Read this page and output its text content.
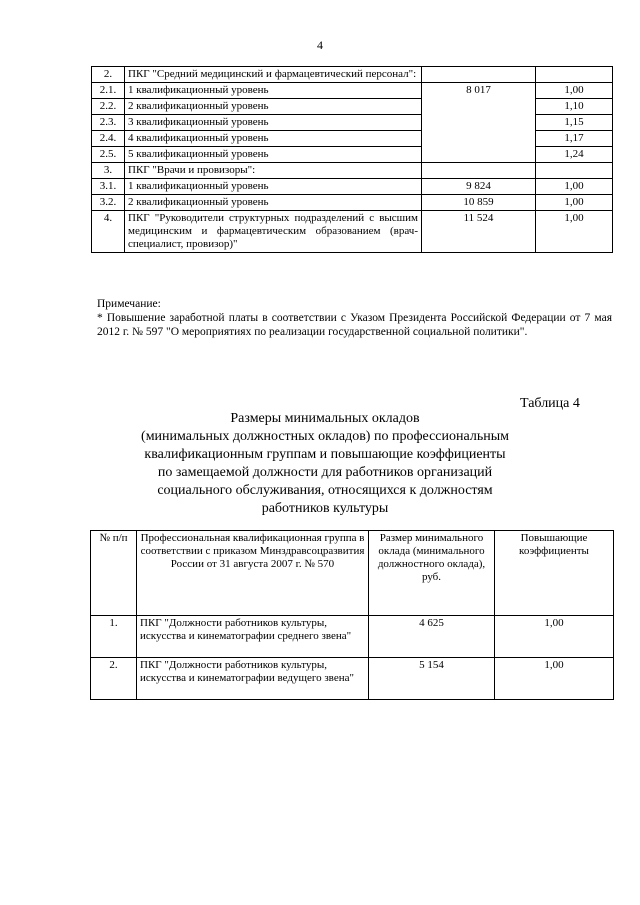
4
2.	ПКГ "Средний медицинский и фармацевтический персонал":		
2.1.	1 квалификационный уровень	8 017	1,00
2.2.	2 квалификационный уровень		1,10
2.3.	3 квалификационный уровень		1,15
2.4.	4 квалификационный уровень		1,17
2.5.	5 квалификационный уровень		1,24
3.	ПКГ "Врачи и провизоры":		
3.1.	1 квалификационный уровень	9 824	1,00
3.2.	2 квалификационный уровень	10 859	1,00
4.	ПКГ "Руководители структурных подразделений с высшим медицинским и фармацевтическим образованием (врач-специалист, провизор)"	11 524	1,00
Примечание:
* Повышение заработной платы в соответствии с Указом Президента Российской Федерации от 7 мая 2012 г. № 597 "О мероприятиях по реализации государственной социальной политики".
Таблица 4
Размеры минимальных окладов
(минимальных должностных окладов) по профессиональным
квалификационным группам и повышающие коэффициенты
по замещаемой должности для работников организаций
социального обслуживания, относящихся к должностям
работников культуры
№ п/п	Профессиональная квалификационная группа в соответствии с приказом Минздравсоцразвития России от 31 августа 2007 г. № 570	Размер минимального оклада (минимального должностного оклада), руб.	Повышающие коэффициенты
1.	ПКГ "Должности работников культуры, искусства и кинематографии среднего звена"	4 625	1,00
2.	ПКГ "Должности работников культуры, искусства и кинематографии ведущего звена"	5 154	1,00
